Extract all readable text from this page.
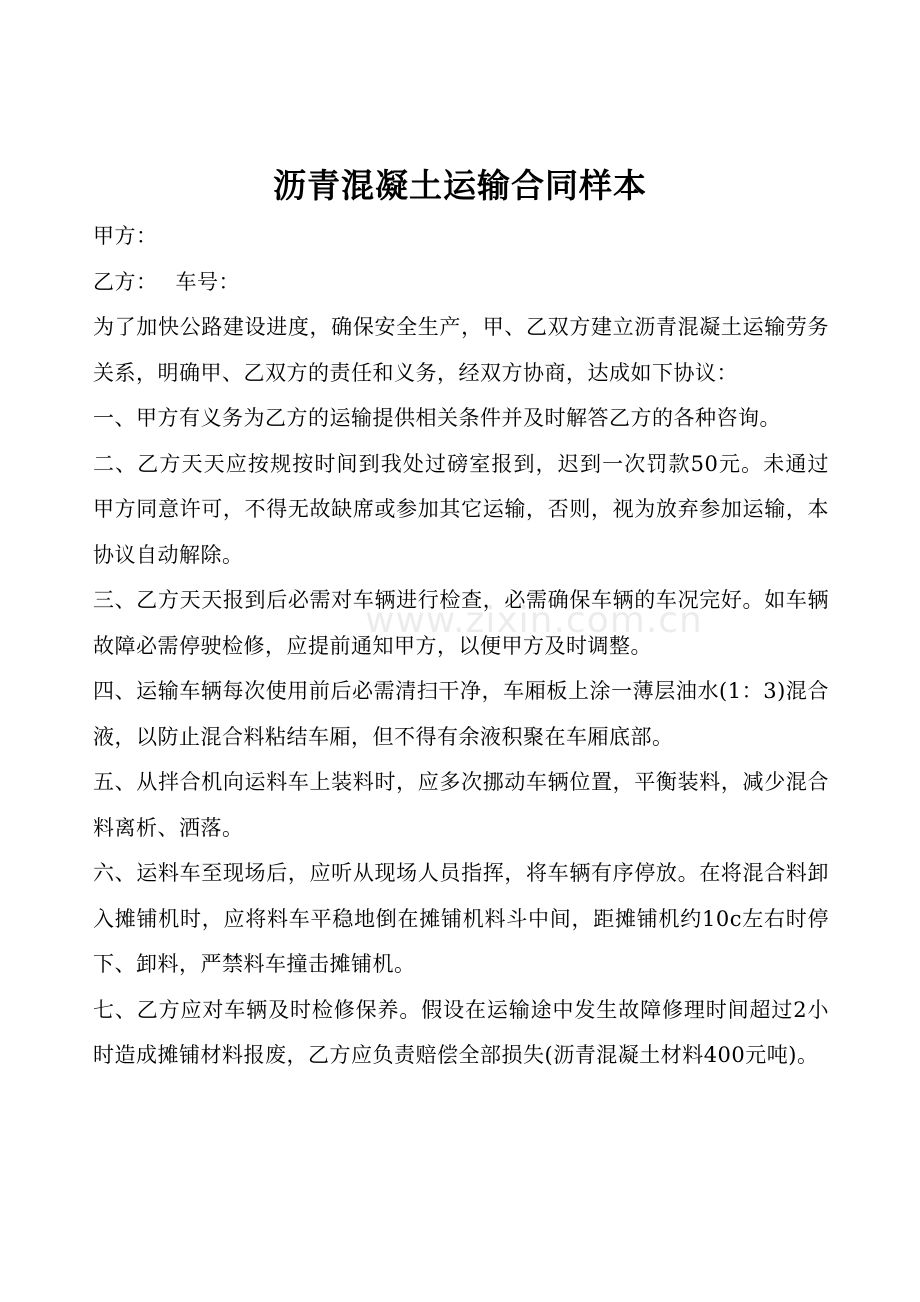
www.zixin.com.cn
沥青混凝土运输合同样本

甲方：

乙方： 车号：

为了加快公路建设进度，确保安全生产，甲、乙双方建立沥青混凝土运输劳务关系，明确甲、乙双方的责任和义务，经双方协商，达成如下协议：

一、甲方有义务为乙方的运输提供相关条件并及时解答乙方的各种咨询。

二、乙方天天应按规按时间到我处过磅室报到，迟到一次罚款50元。未通过甲方同意许可，不得无故缺席或参加其它运输，否则，视为放弃参加运输，本协议自动解除。

三、乙方天天报到后必需对车辆进行检查，必需确保车辆的车况完好。如车辆故障必需停驶检修，应提前通知甲方，以便甲方及时调整。

四、运输车辆每次使用前后必需清扫干净，车厢板上涂一薄层油水(1：3)混合液，以防止混合料粘结车厢，但不得有余液积聚在车厢底部。

五、从拌合机向运料车上装料时，应多次挪动车辆位置，平衡装料，减少混合料离析、洒落。

六、运料车至现场后，应听从现场人员指挥，将车辆有序停放。在将混合料卸入摊铺机时，应将料车平稳地倒在摊铺机料斗中间，距摊铺机约10c左右时停下、卸料，严禁料车撞击摊铺机。

七、乙方应对车辆及时检修保养。假设在运输途中发生故障修理时间超过2小时造成摊铺材料报废，乙方应负责赔偿全部损失(沥青混凝土材料400元吨)。
